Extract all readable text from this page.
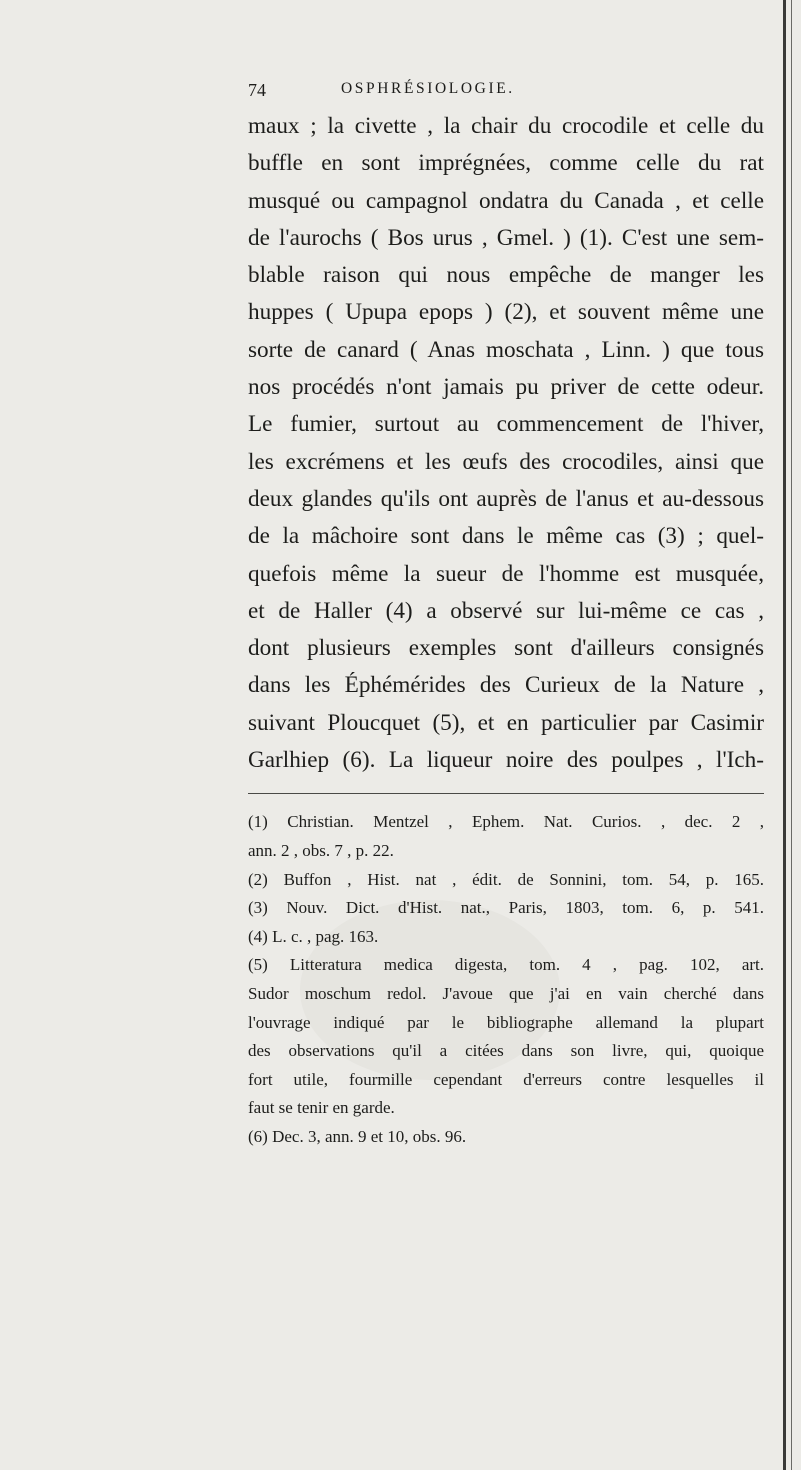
74	OSPHRÉSIOLOGIE.
maux ; la civette , la chair du crocodile et celle du
buffle en sont imprégnées, comme celle du rat
musqué ou campagnol ondatra du Canada , et celle
de l'aurochs ( Bos urus , Gmel. ) (1). C'est une sem-
blable raison qui nous empêche de manger les
huppes ( Upupa epops ) (2), et souvent même une
sorte de canard ( Anas moschata , Linn. ) que tous
nos procédés n'ont jamais pu priver de cette odeur.
Le fumier, surtout au commencement de l'hiver,
les excrémens et les œufs des crocodiles, ainsi que
deux glandes qu'ils ont auprès de l'anus et au-dessous
de la mâchoire sont dans le même cas (3) ; quel-
quefois même la sueur de l'homme est musquée,
et de Haller (4) a observé sur lui-même ce cas ,
dont plusieurs exemples sont d'ailleurs consignés
dans les Éphémérides des Curieux de la Nature ,
suivant Ploucquet (5), et en particulier par Casimir
Garlhiep (6). La liqueur noire des poulpes , l'Ich-
(1) Christian. Mentzel , Ephem. Nat. Curios. , dec. 2 ,
ann. 2 , obs. 7 , p. 22.
(2) Buffon , Hist. nat , édit. de Sonnini, tom. 54, p. 165.
(3) Nouv. Dict. d'Hist. nat., Paris, 1803, tom. 6, p. 541.
(4) L. c. , pag. 163.
(5) Litteratura medica digesta, tom. 4 , pag. 102, art.
Sudor moschum redol. J'avoue que j'ai en vain cherché dans
l'ouvrage indiqué par le bibliographe allemand la plupart
des observations qu'il a citées dans son livre, qui, quoique
fort utile, fourmille cependant d'erreurs contre lesquelles il
faut se tenir en garde.
(6) Dec. 3, ann. 9 et 10, obs. 96.
